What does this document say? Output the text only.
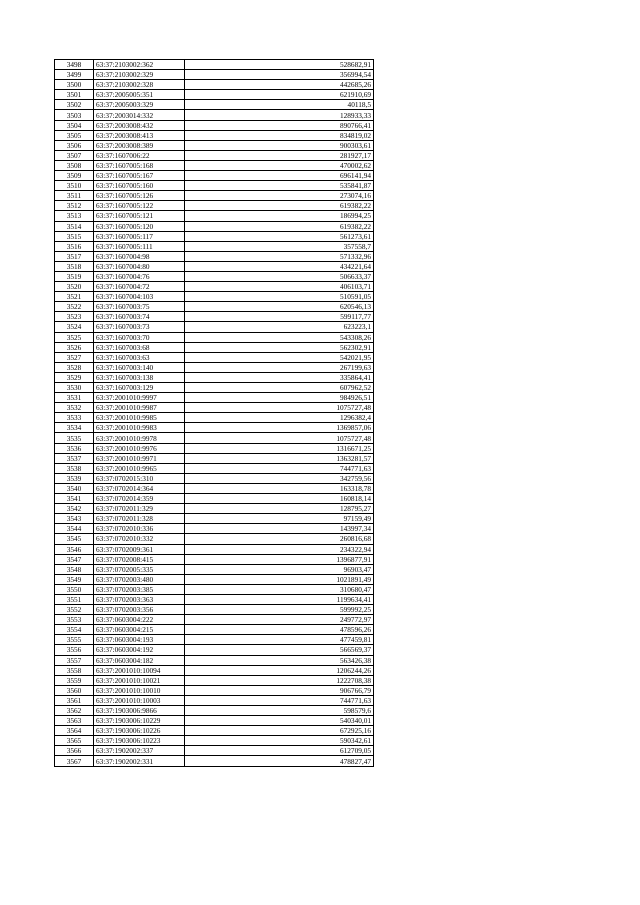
3498	63:37:2103002:362	528682,91
3499	63:37:2103002:329	356994,54
3500	63:37:2103002:328	442685,26
3501	63:37:2005005:351	621910,69
3502	63:37:2005003:329	40118,5
3503	63:37:2003014:332	128933,33
3504	63:37:2003008:432	890766,41
3505	63:37:2003008:413	834819,02
3506	63:37:2003008:389	900303,61
3507	63:37:1607006:22	281927,17
3508	63:37:1607005:168	470002,62
3509	63:37:1607005:167	696141,94
3510	63:37:1607005:160	535841,87
3511	63:37:1607005:126	273074,16
3512	63:37:1607005:122	619382,22
3513	63:37:1607005:121	186994,25
3514	63:37:1607005:120	619382,22
3515	63:37:1607005:117	561273,61
3516	63:37:1607005:111	357558,7
3517	63:37:1607004:98	571332,96
3518	63:37:1607004:80	434221,64
3519	63:37:1607004:76	506633,37
3520	63:37:1607004:72	406103,71
3521	63:37:1607004:103	510591,05
3522	63:37:1607003:75	620546,13
3523	63:37:1607003:74	599117,77
3524	63:37:1607003:73	623223,1
3525	63:37:1607003:70	543308,26
3526	63:37:1607003:68	562302,91
3527	63:37:1607003:63	542021,95
3528	63:37:1607003:140	267199,63
3529	63:37:1607003:138	335864,41
3530	63:37:1607003:129	607962,52
3531	63:37:2001010:9997	984926,51
3532	63:37:2001010:9987	1075727,48
3533	63:37:2001010:9985	1296382,4
3534	63:37:2001010:9983	1369857,06
3535	63:37:2001010:9978	1075727,48
3536	63:37:2001010:9976	1316671,25
3537	63:37:2001010:9971	1363281,57
3538	63:37:2001010:9965	744771,63
3539	63:37:0702015:310	342759,56
3540	63:37:0702014:364	163318,78
3541	63:37:0702014:359	160818,14
3542	63:37:0702011:329	128795,27
3543	63:37:0702011:328	97159,49
3544	63:37:0702010:336	143997,34
3545	63:37:0702010:332	260816,68
3546	63:37:0702009:361	234322,94
3547	63:37:0702008:415	1396877,91
3548	63:37:0702005:335	96903,47
3549	63:37:0702003:480	1021891,49
3550	63:37:0702003:385	310680,47
3551	63:37:0702003:363	1199634,41
3552	63:37:0702003:356	599992,25
3553	63:37:0603004:222	249772,97
3554	63:37:0603004:215	478596,26
3555	63:37:0603004:193	477459,81
3556	63:37:0603004:192	566569,37
3557	63:37:0603004:182	563426,38
3558	63:37:2001010:10094	1206244,26
3559	63:37:2001010:10021	1222708,38
3560	63:37:2001010:10010	906766,79
3561	63:37:2001010:10003	744771,63
3562	63:37:1903006:9866	598579,6
3563	63:37:1903006:10229	540340,01
3564	63:37:1903006:10226	672925,16
3565	63:37:1903006:10223	590342,61
3566	63:37:1902002:337	612709,05
3567	63:37:1902002:331	478827,47
